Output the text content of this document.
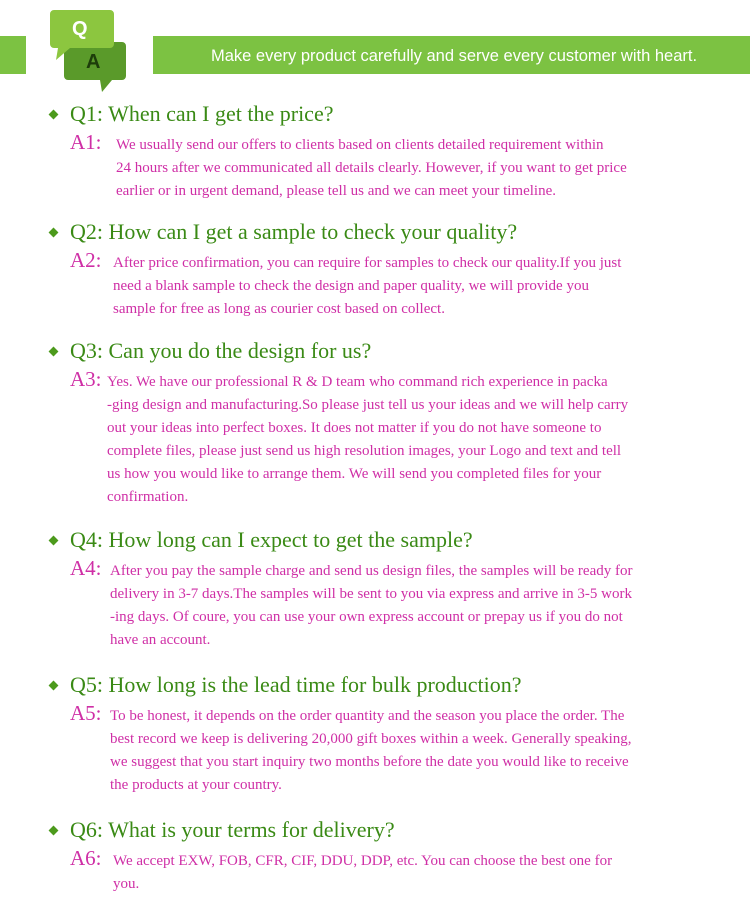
Make every product carefully and serve every customer with heart.
Q
A
Q1: When can I get the price?
A1: We usually send our offers to clients based on clients detailed requirement within
24 hours after we communicated all details clearly. However, if you want to get price
earlier or in urgent demand, please tell us and we can meet your timeline.
Q2: How can I get a sample to check your quality?
A2: After price confirmation, you can require for samples to check our quality.If you just
need a blank sample to check the design and paper quality, we will provide you
sample for free as long as courier cost based on collect.
Q3: Can you do the design for us?
A3: Yes. We have our professional R & D team who command rich experience in packa
-ging design and manufacturing.So please just tell us your ideas and we will help carry
out your ideas into perfect boxes. It does not matter if you do not have someone to
complete files, please just send us high resolution images, your Logo and text and tell
us how you would like to arrange them. We will send you completed files for your
confirmation.
Q4: How long can I expect to get the sample?
A4: After you pay the sample charge and send us design files, the samples will be ready for
delivery in 3-7 days.The samples will be sent to you via express and arrive in 3-5 work
-ing days. Of coure, you can use your own express account or prepay us if you do not
have an account.
Q5: How long is the lead time for bulk production?
A5: To be honest, it depends on the order quantity and the season you place the order. The
best record we keep is delivering 20,000 gift boxes within a week. Generally speaking,
we suggest that you start inquiry two months before the date you would like to receive
the products at your country.
Q6: What is your terms for delivery?
A6: We accept EXW, FOB, CFR, CIF, DDU, DDP, etc. You can choose the best one for
you.
